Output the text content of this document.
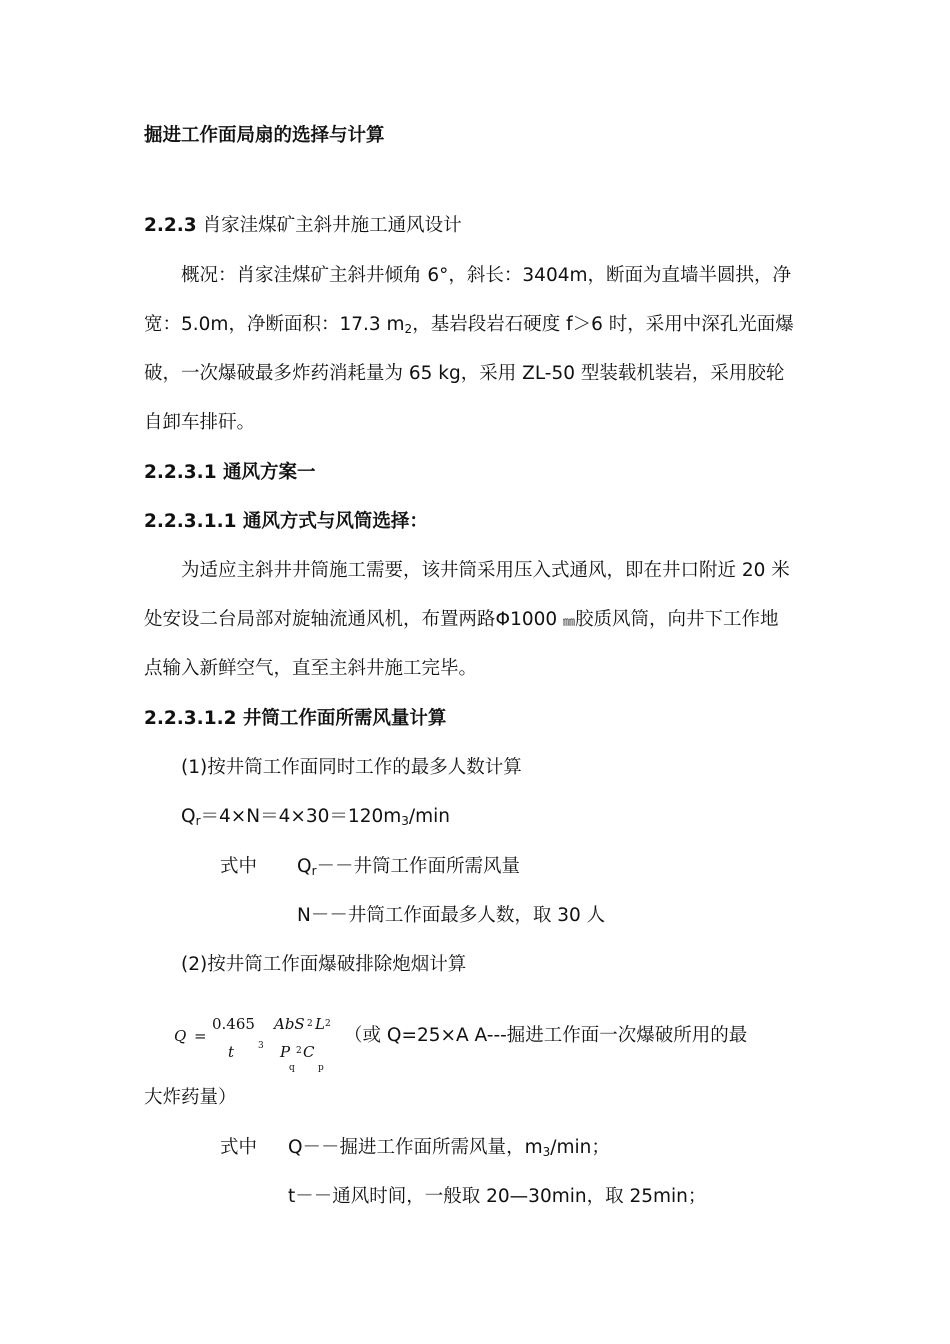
掘进工作面局扇的选择与计算
2.2.3 肖家洼煤矿主斜井施工通风设计
概况：肖家洼煤矿主斜井倾角 6°，斜长：3404m，断面为直墙半圆拱，净
宽：5.0m，净断面积：17.3 $m_2$，基岩段岩石硬度 f＞6 时，采用中深孔光面爆
破，一次爆破最多炸药消耗量为 65 kg，采用 ZL-50 型装载机装岩，采用胶轮
自卸车排矸。
2.2.3.1 通风方案一
2.2.3.1.1 通风方式与风筒选择：
为适应主斜井井筒施工需要，该井筒采用压入式通风，即在井口附近 20 米
处安设二台局部对旋轴流通风机，布置两路Φ1000 ㎜胶质风筒，向井下工作地
点输入新鲜空气，直至主斜井施工完毕。
2.2.3.1.2 井筒工作面所需风量计算
(1)按井筒工作面同时工作的最多人数计算
$Q_r=4\times N=4\times 30=120m_3/\min$
式中 $Q_r--$井筒工作面所需风量
N－－井筒工作面最多人数，取 30 人
(2)按井筒工作面爆破排除炮烟计算
Q =
0.465
t	3
AbS 2 L 2
P
q
2 C
p
（或 Q=25×A A---掘进工作面一次爆破所用的最
大炸药量）
式中 Q－－掘进工作面所需风量，$m_3/\min$；
t－－通风时间，一般取 20—30min，取 25min；
